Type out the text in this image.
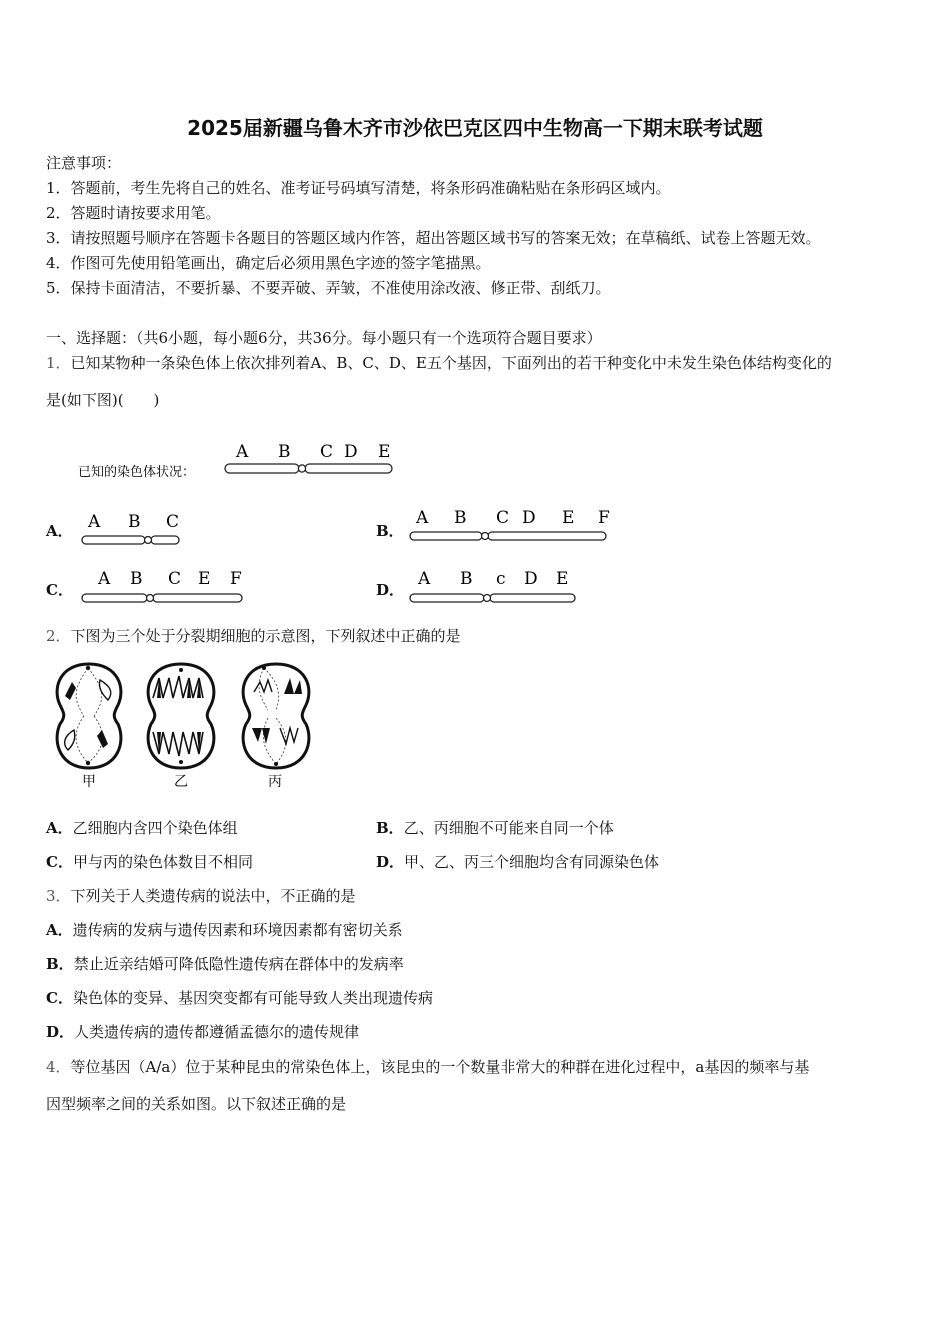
2025届新疆乌鲁木齐市沙依巴克区四中生物高一下期末联考试题
注意事项：
1．答题前，考生先将自己的姓名、准考证号码填写清楚，将条形码准确粘贴在条形码区域内。
2．答题时请按要求用笔。
3．请按照题号顺序在答题卡各题目的答题区域内作答，超出答题区域书写的答案无效；在草稿纸、试卷上答题无效。
4．作图可先使用铅笔画出，确定后必须用黑色字迹的签字笔描黑。
5．保持卡面清洁，不要折暴、不要弄破、弄皱，不准使用涂改液、修正带、刮纸刀。
一、选择题：（共6小题，每小题6分，共36分。每小题只有一个选项符合题目要求）
1．已知某物种一条染色体上依次排列着A、B、C、D、E五个基因，下面列出的若干种变化中未发生染色体结构变化的
是(如下图)(　　)
已知的染色体状况：
A B C D E
A． A B C	B．
A B C D E F
C．
A B C E F
D．
A B c D E
2．下图为三个处于分裂期细胞的示意图，下列叙述中正确的是
甲	乙	丙
A．乙细胞内含四个染色体组	B．乙、丙细胞不可能来自同一个体
C．甲与丙的染色体数目不相同	D．甲、乙、丙三个细胞均含有同源染色体
3．下列关于人类遗传病的说法中，不正确的是
A．遗传病的发病与遗传因素和环境因素都有密切关系
B．禁止近亲结婚可降低隐性遗传病在群体中的发病率
C．染色体的变异、基因突变都有可能导致人类出现遗传病
D．人类遗传病的遗传都遵循孟德尔的遗传规律
4．等位基因（A/a）位于某种昆虫的常染色体上，该昆虫的一个数量非常大的种群在进化过程中，a基因的频率与基
因型频率之间的关系如图。以下叙述正确的是
